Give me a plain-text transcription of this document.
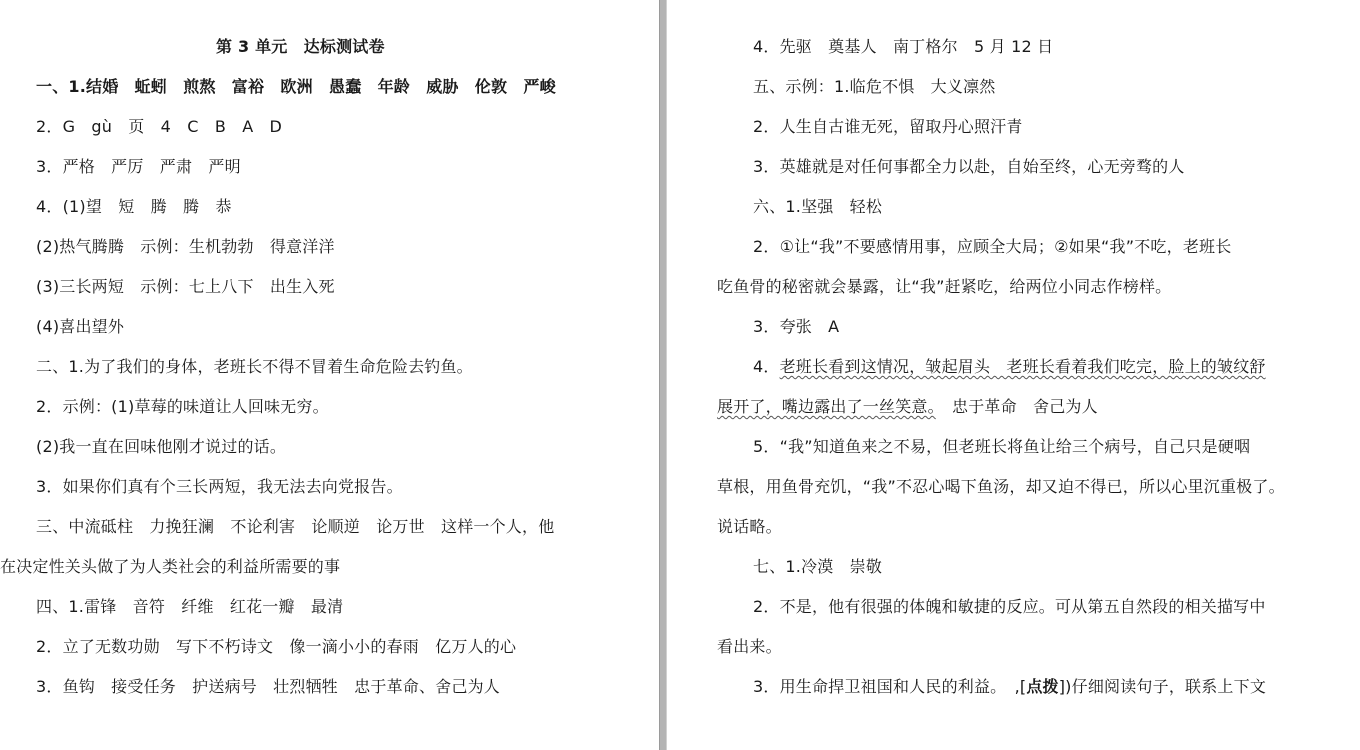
第 3 单元　达标测试卷
一、1.结婚　蚯蚓　煎熬　富裕　欧洲　愚蠢　年龄　威胁　伦敦　严峻
2．G　gù　页　4　C　B　A　D
3．严格　严厉　严肃　严明
4．(1)望　短　腾　腾　恭
(2)热气腾腾　示例：生机勃勃　得意洋洋
(3)三长两短　示例：七上八下　出生入死
(4)喜出望外
二、1.为了我们的身体，老班长不得不冒着生命危险去钓鱼。
2．示例：(1)草莓的味道让人回味无穷。
(2)我一直在回味他刚才说过的话。
3．如果你们真有个三长两短，我无法去向党报告。
三、中流砥柱　力挽狂澜　不论利害　论顺逆　论万世　这样一个人，他
在决定性关头做了为人类社会的利益所需要的事
四、1.雷锋　音符　纤维　红花一瓣　最清
2．立了无数功勋　写下不朽诗文　像一滴小小的春雨　亿万人的心
3．鱼钩　接受任务　护送病号　壮烈牺牲　忠于革命、舍己为人
4．先驱　奠基人　南丁格尔　5 月 12 日
五、示例：1.临危不惧　大义凛然
2．人生自古谁无死，留取丹心照汗青
3．英雄就是对任何事都全力以赴，自始至终，心无旁骛的人
六、1.坚强　轻松
2．①让“我”不要感情用事，应顾全大局；②如果“我”不吃，老班长
吃鱼骨的秘密就会暴露，让“我”赶紧吃，给两位小同志作榜样。
3．夸张　A
4．老班长看到这情况，皱起眉头　老班长看着我们吃完，脸上的皱纹舒
展开了，嘴边露出了一丝笑意。　忠于革命　舍己为人
5．“我”知道鱼来之不易，但老班长将鱼让给三个病号，自己只是硬咽
草根，用鱼骨充饥，“我”不忍心喝下鱼汤，却又迫不得已，所以心里沉重极了。
说话略。
七、1.冷漠　崇敬
2．不是，他有很强的体魄和敏捷的反应。可从第五自然段的相关描写中
看出来。
3．用生命捍卫祖国和人民的利益。　,[点拨])仔细阅读句子，联系上下文
